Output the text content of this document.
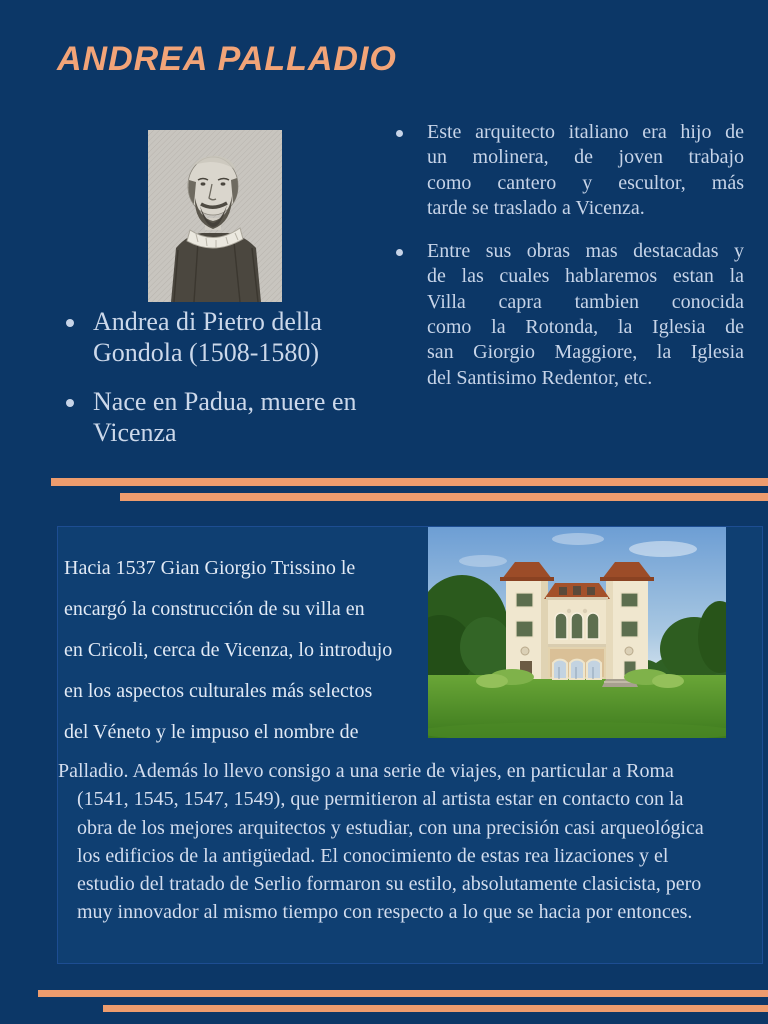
ANDREA PALLADIO
Este arquitecto italiano era hijo de
un molinera, de joven trabajo
como cantero y escultor, más
tarde se traslado a Vicenza.
Entre sus obras mas destacadas y
de las cuales hablaremos estan la
Villa capra tambien conocida
como la Rotonda, la Iglesia de
san Giorgio Maggiore, la Iglesia
del Santisimo Redentor, etc.
Andrea di Pietro della
Gondola (1508-1580)
Nace en Padua, muere en
Vicenza
Hacia 1537 Gian Giorgio Trissino le
encargó la construcción de su villa en
en Cricoli, cerca de Vicenza, lo introdujo
en los aspectos culturales más selectos
del Véneto y le impuso el nombre de
Palladio. Además lo llevo consigo a una serie de viajes, en particular a Roma
(1541, 1545, 1547, 1549), que permitieron al artista estar en contacto con la
obra de los mejores arquitectos y estudiar, con una precisión casi arqueológica
los edificios de la antigüedad. El conocimiento de estas rea lizaciones y el
estudio del tratado de Serlio formaron su estilo, absolutamente clasicista, pero
muy innovador al mismo tiempo con respecto a lo que se hacia por entonces.
